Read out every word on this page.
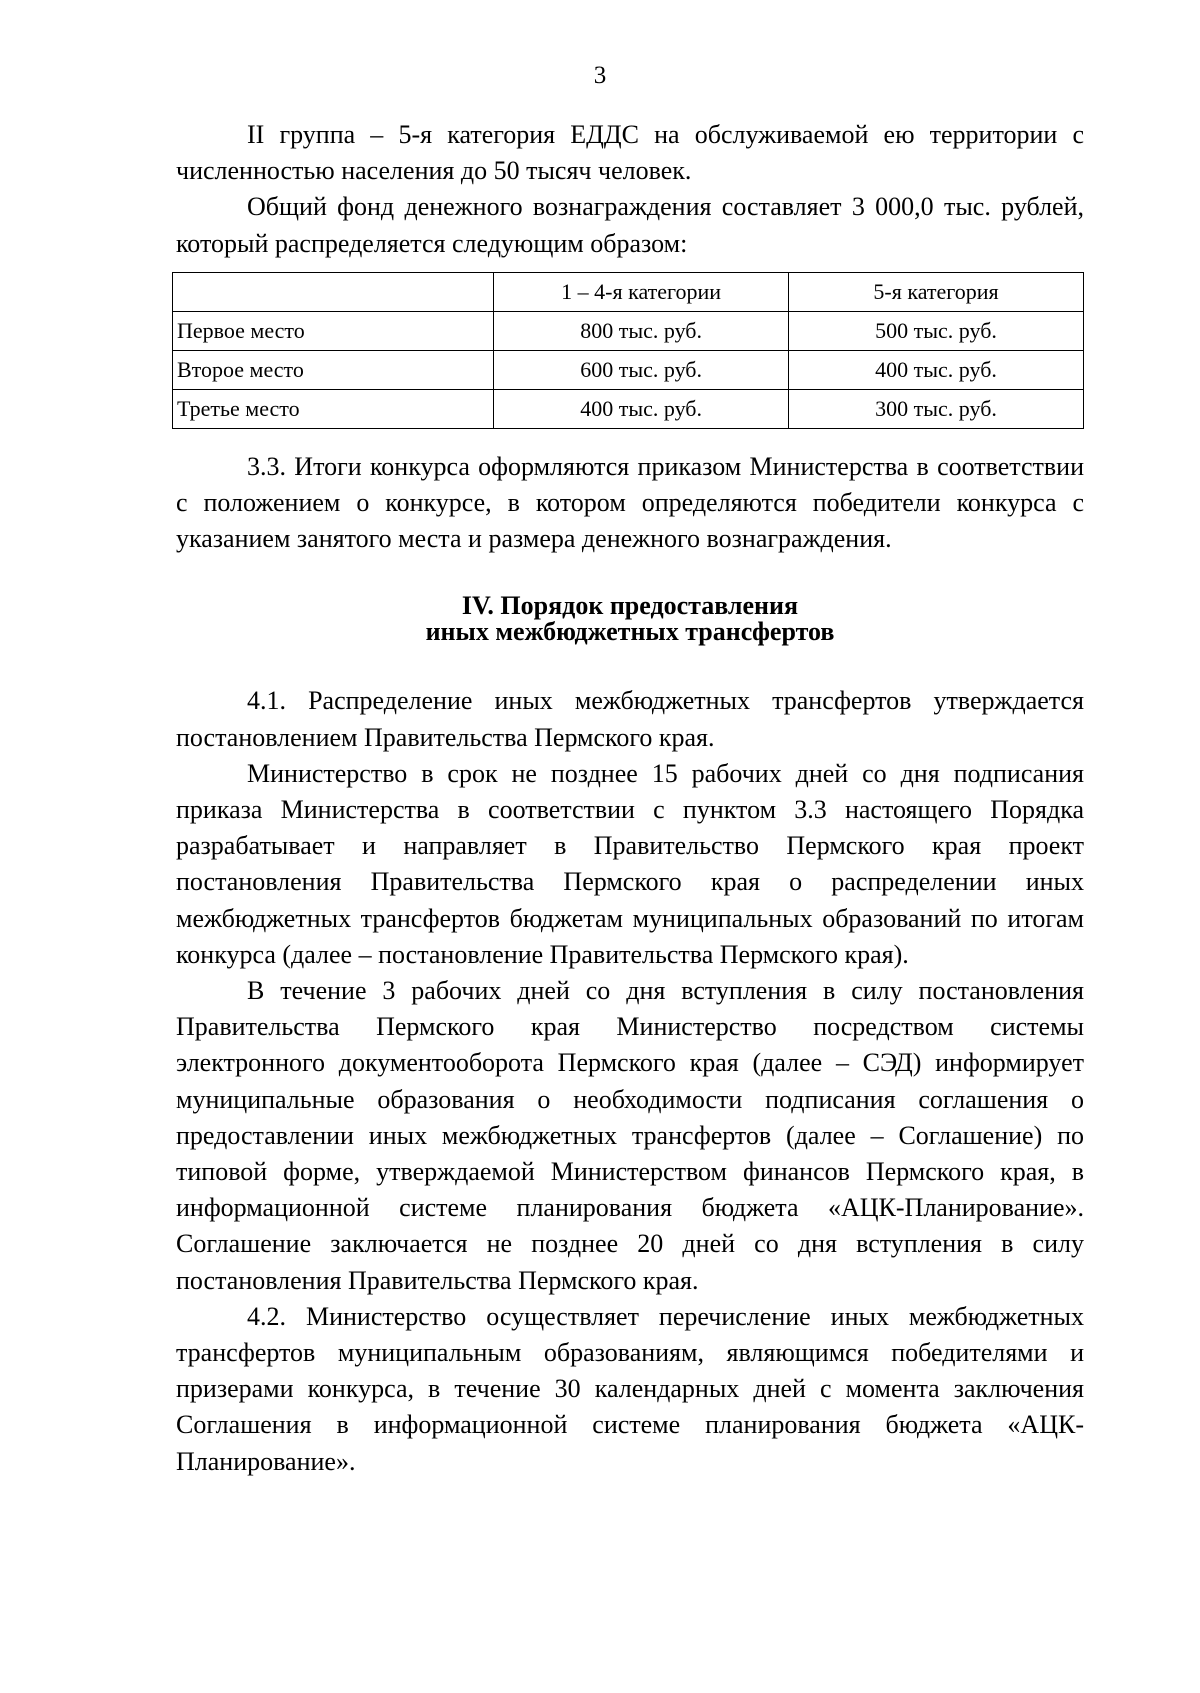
3

II группа – 5-я категория ЕДДС на обслуживаемой ею территории с численностью населения до 50 тысяч человек.

Общий фонд денежного вознаграждения составляет 3 000,0 тыс. рублей, который распределяется следующим образом:

	1 – 4-я категории	5-я категория
Первое место	800 тыс. руб.	500 тыс. руб.
Второе место	600 тыс. руб.	400 тыс. руб.
Третье место	400 тыс. руб.	300 тыс. руб.

3.3. Итоги конкурса оформляются приказом Министерства в соответствии с положением о конкурсе, в котором определяются победители конкурса с указанием занятого места и размера денежного вознаграждения.

IV. Порядок предоставления
иных межбюджетных трансфертов

4.1. Распределение иных межбюджетных трансфертов утверждается постановлением Правительства Пермского края.

Министерство в срок не позднее 15 рабочих дней со дня подписания приказа Министерства в соответствии с пунктом 3.3 настоящего Порядка разрабатывает и направляет в Правительство Пермского края проект постановления Правительства Пермского края о распределении иных межбюджетных трансфертов бюджетам муниципальных образований по итогам конкурса (далее – постановление Правительства Пермского края).

В течение 3 рабочих дней со дня вступления в силу постановления Правительства Пермского края Министерство посредством системы электронного документооборота Пермского края (далее – СЭД) информирует муниципальные образования о необходимости подписания соглашения о предоставлении иных межбюджетных трансфертов (далее – Соглашение) по типовой форме, утверждаемой Министерством финансов Пермского края, в информационной системе планирования бюджета «АЦК-Планирование». Соглашение заключается не позднее 20 дней со дня вступления в силу постановления Правительства Пермского края.

4.2. Министерство осуществляет перечисление иных межбюджетных трансфертов муниципальным образованиям, являющимся победителями и призерами конкурса, в течение 30 календарных дней с момента заключения Соглашения в информационной системе планирования бюджета «АЦК-Планирование».
